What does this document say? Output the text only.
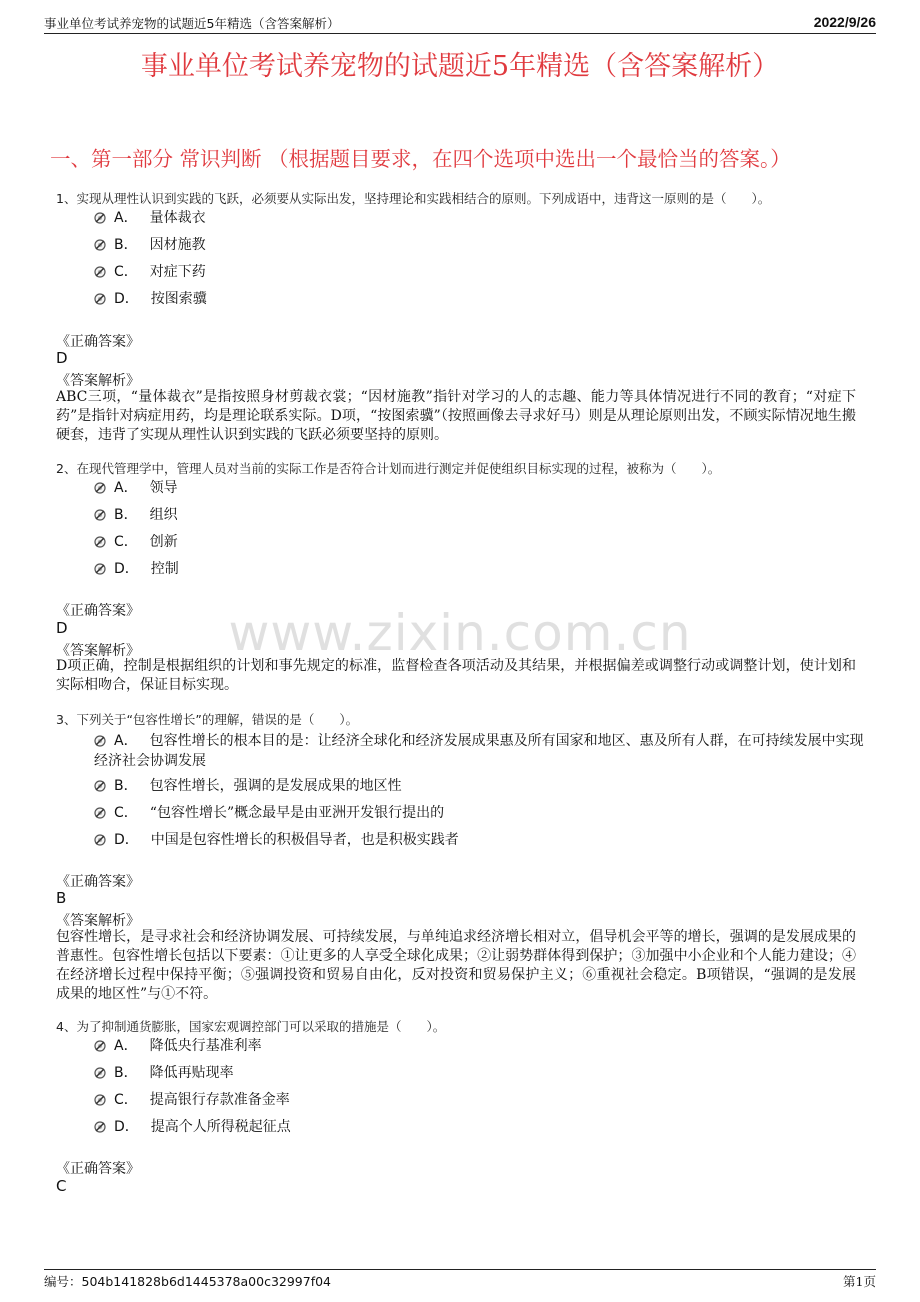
事业单位考试养宠物的试题近5年精选（含答案解析）	2022/9/26
事业单位考试养宠物的试题近5年精选（含答案解析）
一、第一部分 常识判断 （根据题目要求，在四个选项中选出一个最恰当的答案。）
www.zixin.com.cn
1、实现从理性认识到实践的飞跃，必须要从实际出发，坚持理论和实践相结合的原则。下列成语中，违背这一原则的是（　　）。
A． 量体裁衣
B． 因材施教
C． 对症下药
D． 按图索骥
《正确答案》
D
《答案解析》
ABC三项，“量体裁衣”是指按照身材剪裁衣裳；“因材施教”指针对学习的人的志趣、能力等具体情况进行不同的教育；“对症下药”是指针对病症用药，均是理论联系实际。D项，“按图索骥”（按照画像去寻求好马）则是从理论原则出发，不顾实际情况地生搬硬套，违背了实现从理性认识到实践的飞跃必须要坚持的原则。
2、在现代管理学中，管理人员对当前的实际工作是否符合计划而进行测定并促使组织目标实现的过程，被称为（　　）。
A． 领导
B． 组织
C． 创新
D． 控制
《正确答案》
D
《答案解析》
D项正确，控制是根据组织的计划和事先规定的标准，监督检查各项活动及其结果，并根据偏差或调整行动或调整计划，使计划和实际相吻合，保证目标实现。
3、下列关于“包容性增长”的理解，错误的是（　　）。
A． 包容性增长的根本目的是：让经济全球化和经济发展成果惠及所有国家和地区、惠及所有人群，在可持续发展中实现经济社会协调发展
B． 包容性增长，强调的是发展成果的地区性
C． “包容性增长”概念最早是由亚洲开发银行提出的
D． 中国是包容性增长的积极倡导者，也是积极实践者
《正确答案》
B
《答案解析》
包容性增长，是寻求社会和经济协调发展、可持续发展，与单纯追求经济增长相对立，倡导机会平等的增长，强调的是发展成果的普惠性。包容性增长包括以下要素：①让更多的人享受全球化成果；②让弱势群体得到保护；③加强中小企业和个人能力建设；④在经济增长过程中保持平衡；⑤强调投资和贸易自由化，反对投资和贸易保护主义；⑥重视社会稳定。B项错误，“强调的是发展成果的地区性”与①不符。
4、为了抑制通货膨胀，国家宏观调控部门可以采取的措施是（　　）。
A． 降低央行基准利率
B． 降低再贴现率
C． 提高银行存款准备金率
D． 提高个人所得税起征点
《正确答案》
C
编号：504b141828b6d1445378a00c32997f04	第1页
